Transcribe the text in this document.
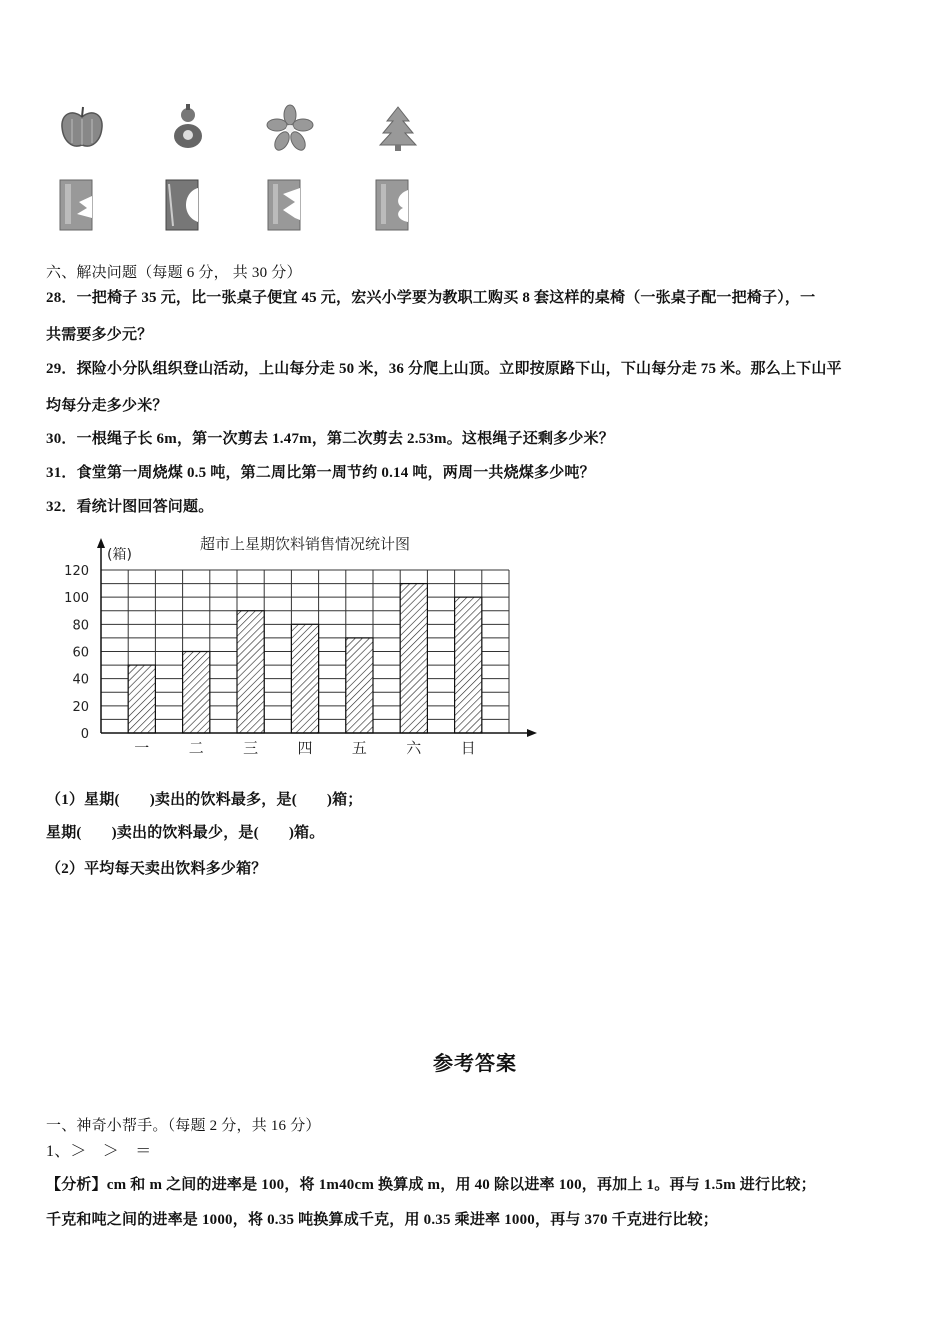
六、解决问题（每题 6 分， 共 30 分）
28．一把椅子 35 元，比一张桌子便宜 45 元，宏兴小学要为教职工购买 8 套这样的桌椅（一张桌子配一把椅子），一
共需要多少元？
29．探险小分队组织登山活动，上山每分走 50 米，36 分爬上山顶。立即按原路下山，下山每分走 75 米。那么上下山平
均每分走多少米？
30．一根绳子长 6m，第一次剪去 1.47m，第二次剪去 2.53m。这根绳子还剩多少米？
31．食堂第一周烧煤 0.5 吨，第二周比第一周节约 0.14 吨，两周一共烧煤多少吨？
32．看统计图回答问题。
超市上星期饮料销售情况统计图
(箱)
0
20
40
60
80
100
120
一	二	三	四	五	六	日
（1）星期( )卖出的饮料最多，是( )箱；
星期( )卖出的饮料最少，是( )箱。
（2）平均每天卖出饮料多少箱？
参考答案
一、神奇小帮手。（每题 2 分，共 16 分）
1、＞　＞　＝
【分析】cm 和 m 之间的进率是 100，将 1m40cm 换算成 m，用 40 除以进率 100，再加上 1。再与 1.5m 进行比较；
千克和吨之间的进率是 1000，将 0.35 吨换算成千克，用 0.35 乘进率 1000，再与 370 千克进行比较；
